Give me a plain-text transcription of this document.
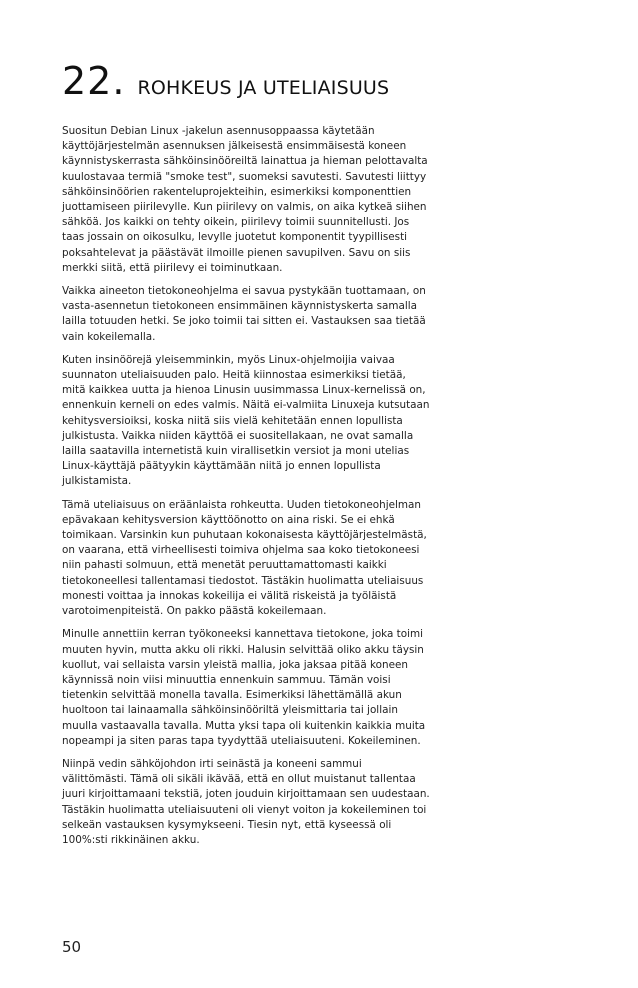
22. ROHKEUS JA UTELIAISUUS

Suositun Debian Linux -jakelun asennusoppaassa käytetään käyttöjärjestelmän asennuksen jälkeisestä ensimmäisestä koneen käynnistyskerrasta sähköinsinööreiltä lainattua ja hieman pelottavalta kuulostavaa termiä "smoke test", suomeksi savutesti. Savutesti liittyy sähköinsinöörien rakenteluprojekteihin, esimerkiksi komponenttien juottamiseen piirilevylle. Kun piirilevy on valmis, on aika kytkeä siihen sähköä. Jos kaikki on tehty oikein, piirilevy toimii suunnitellusti. Jos taas jossain on oikosulku, levylle juotetut komponentit tyypillisesti poksahtelevat ja päästävät ilmoille pienen savupilven. Savu on siis merkki siitä, että piirilevy ei toiminutkaan.

Vaikka aineeton tietokoneohjelma ei savua pystykään tuottamaan, on vasta-asennetun tietokoneen ensimmäinen käynnistyskerta samalla lailla totuuden hetki. Se joko toimii tai sitten ei. Vastauksen saa tietää vain kokeilemalla.

Kuten insinöörejä yleisemminkin, myös Linux-ohjelmoijia vaivaa suunnaton uteliaisuuden palo. Heitä kiinnostaa esimerkiksi tietää, mitä kaikkea uutta ja hienoa Linusin uusimmassa Linux-kernelissä on, ennenkuin kerneli on edes valmis. Näitä ei-valmiita Linuxeja kutsutaan kehitysversioiksi, koska niitä siis vielä kehitetään ennen lopullista julkistusta. Vaikka niiden käyttöä ei suositellakaan, ne ovat samalla lailla saatavilla internetistä kuin virallisetkin versiot ja moni utelias Linux-käyttäjä päätyykin käyttämään niitä jo ennen lopullista julkistamista.

Tämä uteliaisuus on eräänlaista rohkeutta. Uuden tietokoneohjelman epävakaan kehitysversion käyttöönotto on aina riski. Se ei ehkä toimikaan. Varsinkin kun puhutaan kokonaisesta käyttöjärjestelmästä, on vaarana, että virheellisesti toimiva ohjelma saa koko tietokoneesi niin pahasti solmuun, että menetät peruuttamattomasti kaikki tietokoneellesi tallentamasi tiedostot. Tästäkin huolimatta uteliaisuus monesti voittaa ja innokas kokeilija ei välitä riskeistä ja työläistä varotoimenpiteistä. On pakko päästä kokeilemaan.

Minulle annettiin kerran työkoneeksi kannettava tietokone, joka toimi muuten hyvin, mutta akku oli rikki. Halusin selvittää oliko akku täysin kuollut, vai sellaista varsin yleistä mallia, joka jaksaa pitää koneen käynnissä noin viisi minuuttia ennenkuin sammuu. Tämän voisi tietenkin selvittää monella tavalla. Esimerkiksi lähettämällä akun huoltoon tai lainaamalla sähköinsinööriltä yleismittaria tai jollain muulla vastaavalla tavalla. Mutta yksi tapa oli kuitenkin kaikkia muita nopeampi ja siten paras tapa tyydyttää uteliaisuuteni. Kokeileminen.

Niinpä vedin sähköjohdon irti seinästä ja koneeni sammui välittömästi. Tämä oli sikäli ikävää, että en ollut muistanut tallentaa juuri kirjoittamaani tekstiä, joten jouduin kirjoittamaan sen uudestaan. Tästäkin huolimatta uteliaisuuteni oli vienyt voiton ja kokeileminen toi selkeän vastauksen kysymykseeni. Tiesin nyt, että kyseessä oli 100%:sti rikkinäinen akku.

50
